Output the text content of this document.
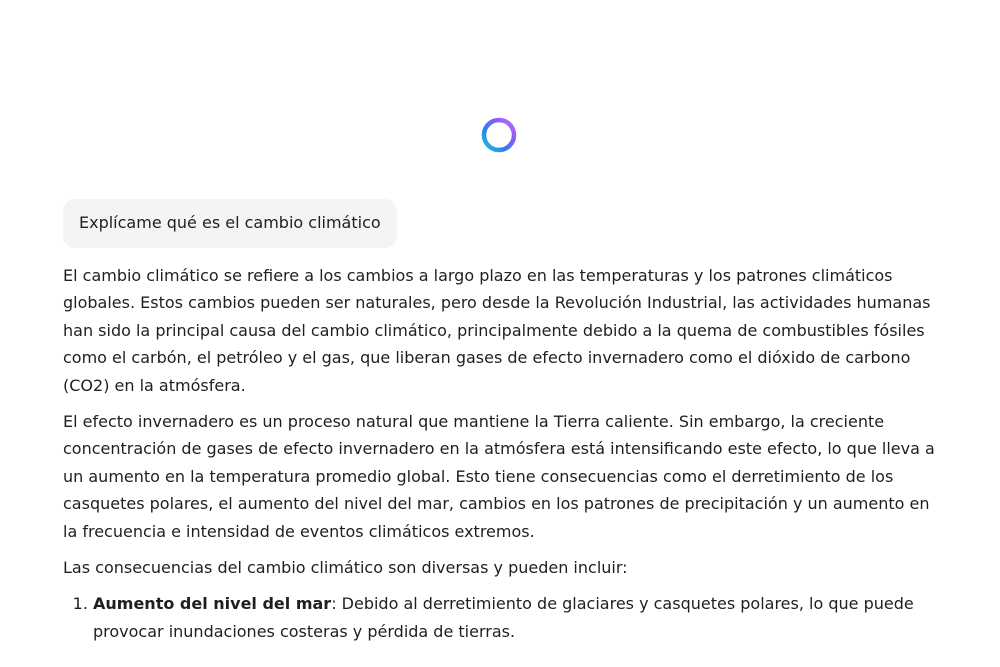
Explícame qué es el cambio climático

El cambio climático se refiere a los cambios a largo plazo en las temperaturas y los patrones climáticos globales. Estos cambios pueden ser naturales, pero desde la Revolución Industrial, las actividades humanas han sido la principal causa del cambio climático, principalmente debido a la quema de combustibles fósiles como el carbón, el petróleo y el gas, que liberan gases de efecto invernadero como el dióxido de carbono (CO2) en la atmósfera.

El efecto invernadero es un proceso natural que mantiene la Tierra caliente. Sin embargo, la creciente concentración de gases de efecto invernadero en la atmósfera está intensificando este efecto, lo que lleva a un aumento en la temperatura promedio global. Esto tiene consecuencias como el derretimiento de los casquetes polares, el aumento del nivel del mar, cambios en los patrones de precipitación y un aumento en la frecuencia e intensidad de eventos climáticos extremos.

Las consecuencias del cambio climático son diversas y pueden incluir:

1. Aumento del nivel del mar: Debido al derretimiento de glaciares y casquetes polares, lo que puede provocar inundaciones costeras y pérdida de tierras.
